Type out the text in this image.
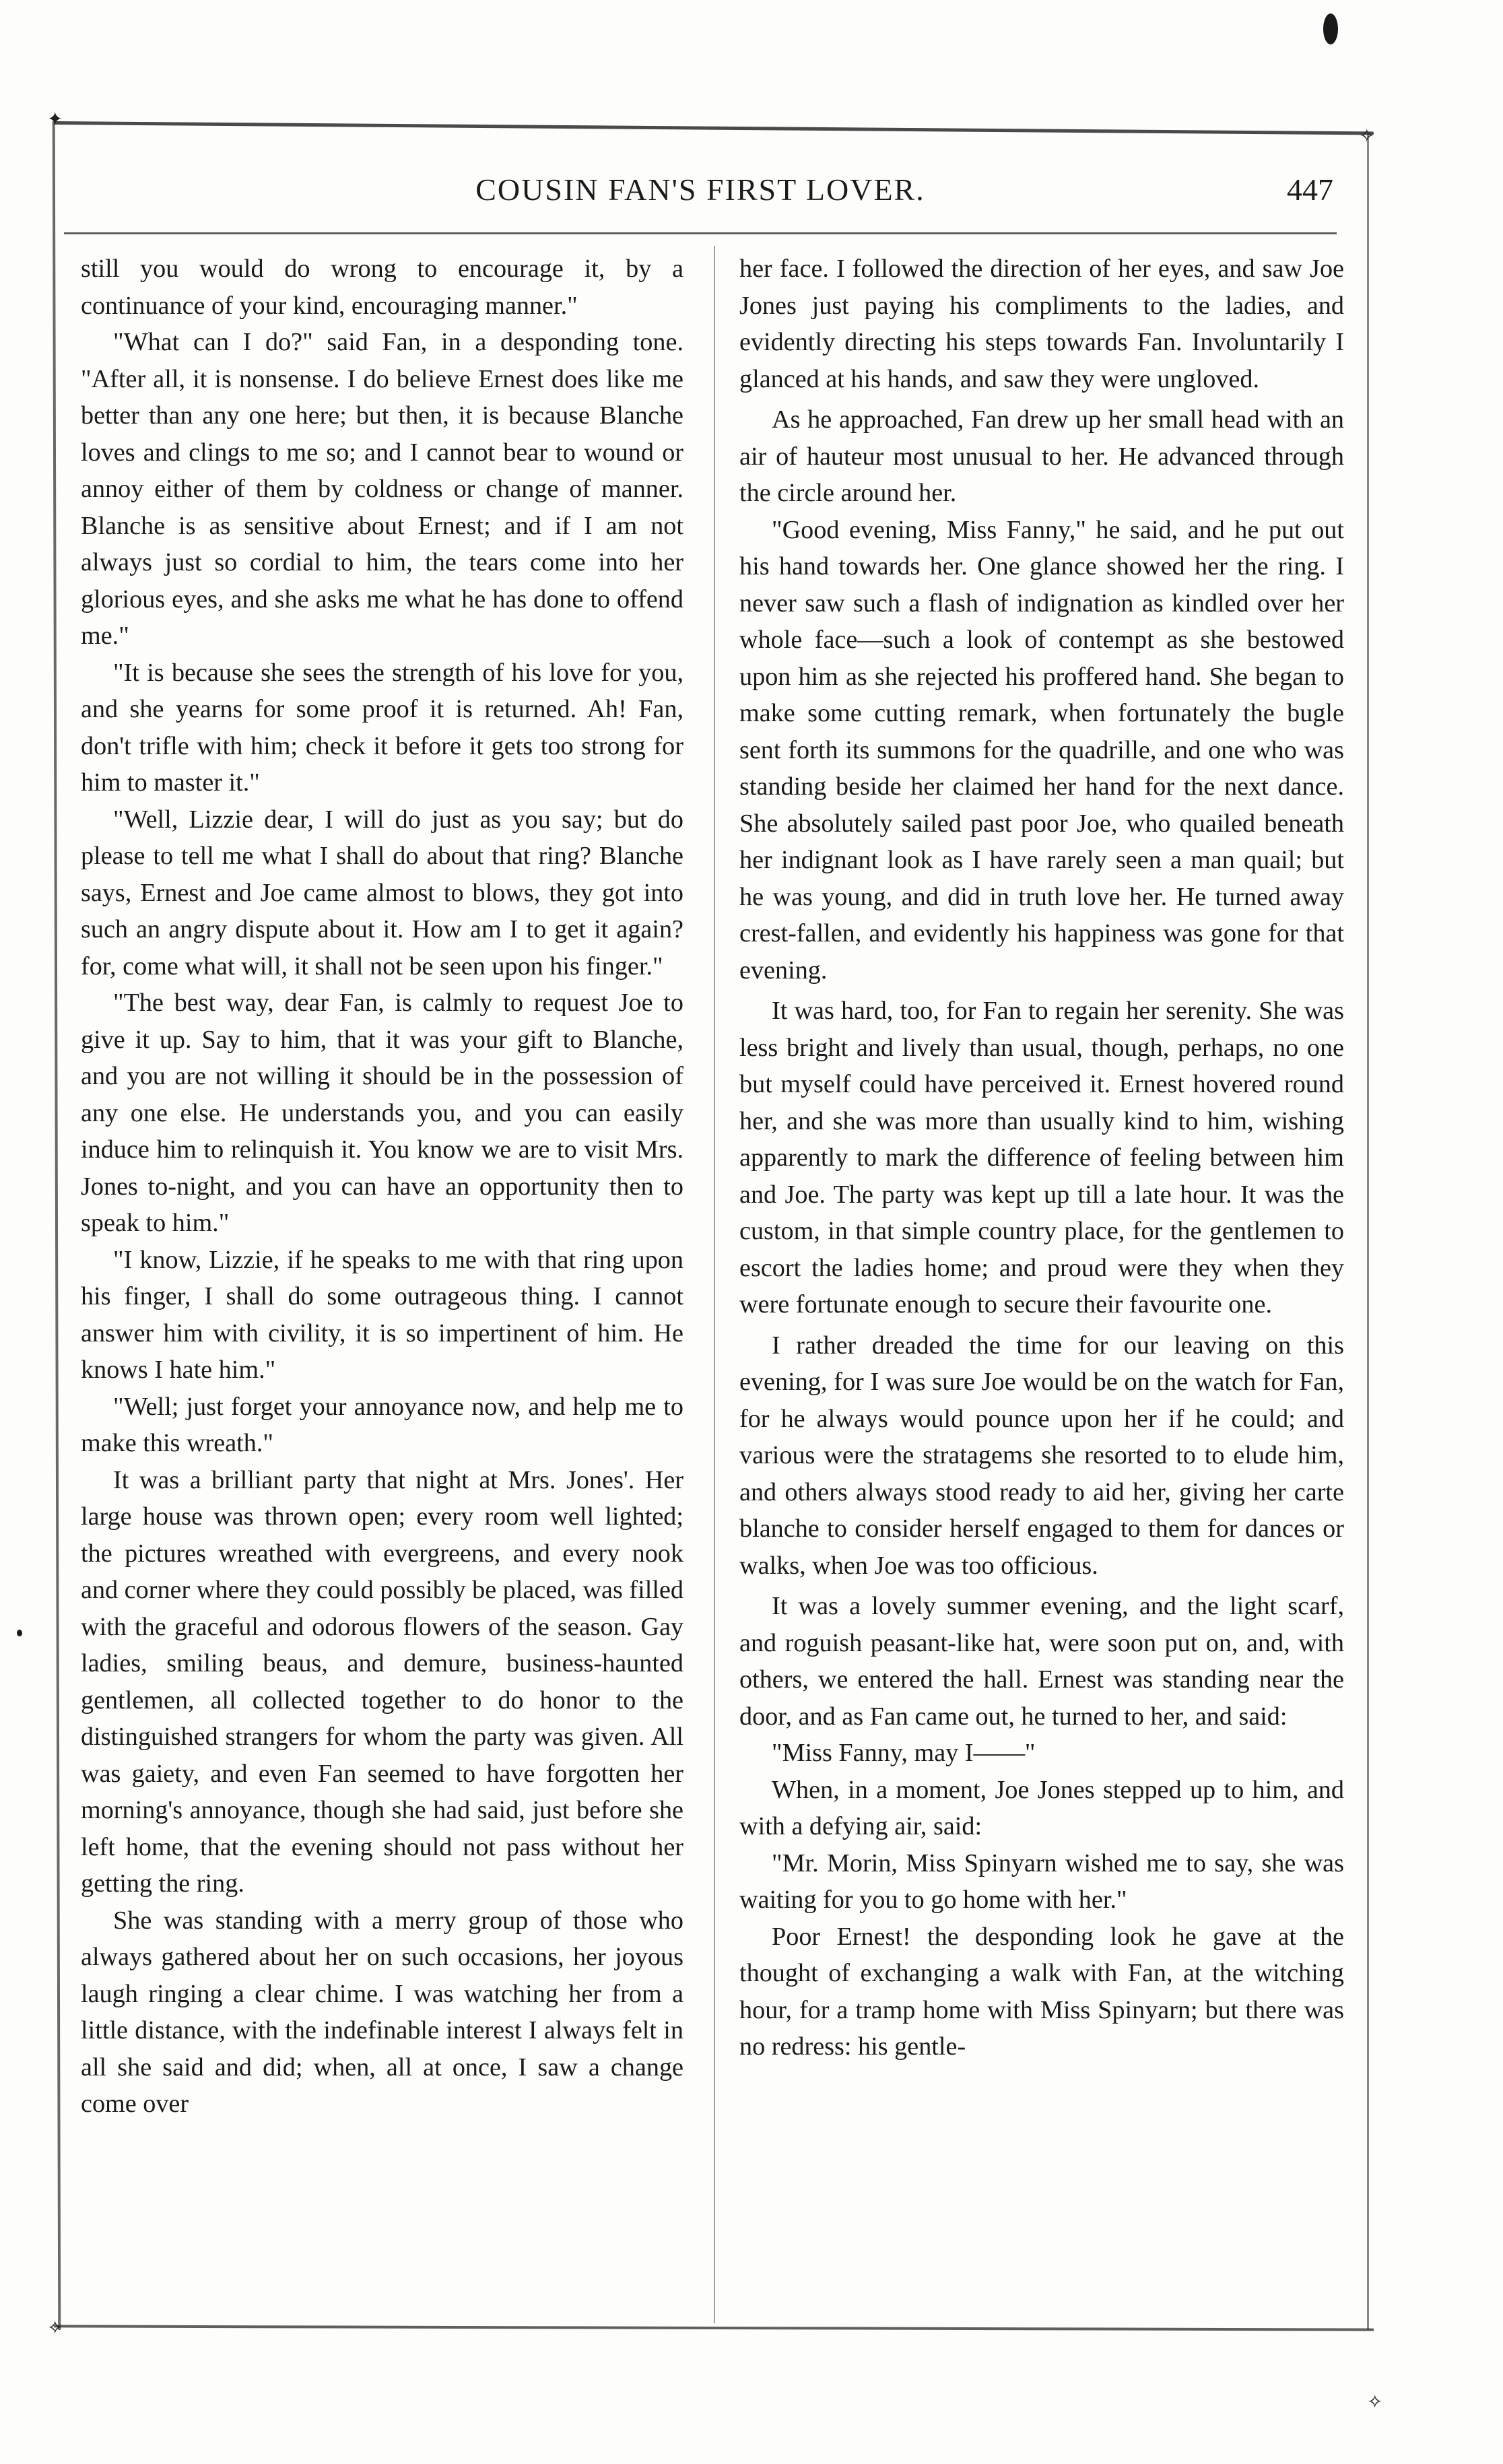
✦
✧
✧
✧
COUSIN FAN'S FIRST LOVER.	447

still you would do wrong to encourage it, by a continuance of your kind, encouraging manner."

"What can I do?" said Fan, in a desponding tone. "After all, it is nonsense. I do believe Ernest does like me better than any one here; but then, it is because Blanche loves and clings to me so; and I cannot bear to wound or annoy either of them by coldness or change of manner. Blanche is as sensitive about Ernest; and if I am not always just so cordial to him, the tears come into her glorious eyes, and she asks me what he has done to offend me."

"It is because she sees the strength of his love for you, and she yearns for some proof it is returned. Ah! Fan, don't trifle with him; check it before it gets too strong for him to master it."

"Well, Lizzie dear, I will do just as you say; but do please to tell me what I shall do about that ring? Blanche says, Ernest and Joe came almost to blows, they got into such an angry dispute about it. How am I to get it again? for, come what will, it shall not be seen upon his finger."

"The best way, dear Fan, is calmly to request Joe to give it up. Say to him, that it was your gift to Blanche, and you are not willing it should be in the possession of any one else. He understands you, and you can easily induce him to relinquish it. You know we are to visit Mrs. Jones to-night, and you can have an opportunity then to speak to him."

"I know, Lizzie, if he speaks to me with that ring upon his finger, I shall do some outrageous thing. I cannot answer him with civility, it is so impertinent of him. He knows I hate him."

"Well; just forget your annoyance now, and help me to make this wreath."

It was a brilliant party that night at Mrs. Jones'. Her large house was thrown open; every room well lighted; the pictures wreathed with evergreens, and every nook and corner where they could possibly be placed, was filled with the graceful and odorous flowers of the season. Gay ladies, smiling beaus, and demure, business-haunted gentlemen, all collected together to do honor to the distinguished strangers for whom the party was given. All was gaiety, and even Fan seemed to have forgotten her morning's annoyance, though she had said, just before she left home, that the evening should not pass without her getting the ring.

She was standing with a merry group of those who always gathered about her on such occasions, her joyous laugh ringing a clear chime. I was watching her from a little distance, with the indefinable interest I always felt in all she said and did; when, all at once, I saw a change come over

her face. I followed the direction of her eyes, and saw Joe Jones just paying his compliments to the ladies, and evidently directing his steps towards Fan. Involuntarily I glanced at his hands, and saw they were ungloved.

As he approached, Fan drew up her small head with an air of hauteur most unusual to her. He advanced through the circle around her.

"Good evening, Miss Fanny," he said, and he put out his hand towards her. One glance showed her the ring. I never saw such a flash of indignation as kindled over her whole face—such a look of contempt as she bestowed upon him as she rejected his proffered hand. She began to make some cutting remark, when fortunately the bugle sent forth its summons for the quadrille, and one who was standing beside her claimed her hand for the next dance. She absolutely sailed past poor Joe, who quailed beneath her indignant look as I have rarely seen a man quail; but he was young, and did in truth love her. He turned away crest-fallen, and evidently his happiness was gone for that evening.

It was hard, too, for Fan to regain her serenity. She was less bright and lively than usual, though, perhaps, no one but myself could have perceived it. Ernest hovered round her, and she was more than usually kind to him, wishing apparently to mark the difference of feeling between him and Joe. The party was kept up till a late hour. It was the custom, in that simple country place, for the gentlemen to escort the ladies home; and proud were they when they were fortunate enough to secure their favourite one.

I rather dreaded the time for our leaving on this evening, for I was sure Joe would be on the watch for Fan, for he always would pounce upon her if he could; and various were the stratagems she resorted to to elude him, and others always stood ready to aid her, giving her carte blanche to consider herself engaged to them for dances or walks, when Joe was too officious.

It was a lovely summer evening, and the light scarf, and roguish peasant-like hat, were soon put on, and, with others, we entered the hall. Ernest was standing near the door, and as Fan came out, he turned to her, and said:

"Miss Fanny, may I——"

When, in a moment, Joe Jones stepped up to him, and with a defying air, said:

"Mr. Morin, Miss Spinyarn wished me to say, she was waiting for you to go home with her."

Poor Ernest! the desponding look he gave at the thought of exchanging a walk with Fan, at the witching hour, for a tramp home with Miss Spinyarn; but there was no redress: his gentle-
